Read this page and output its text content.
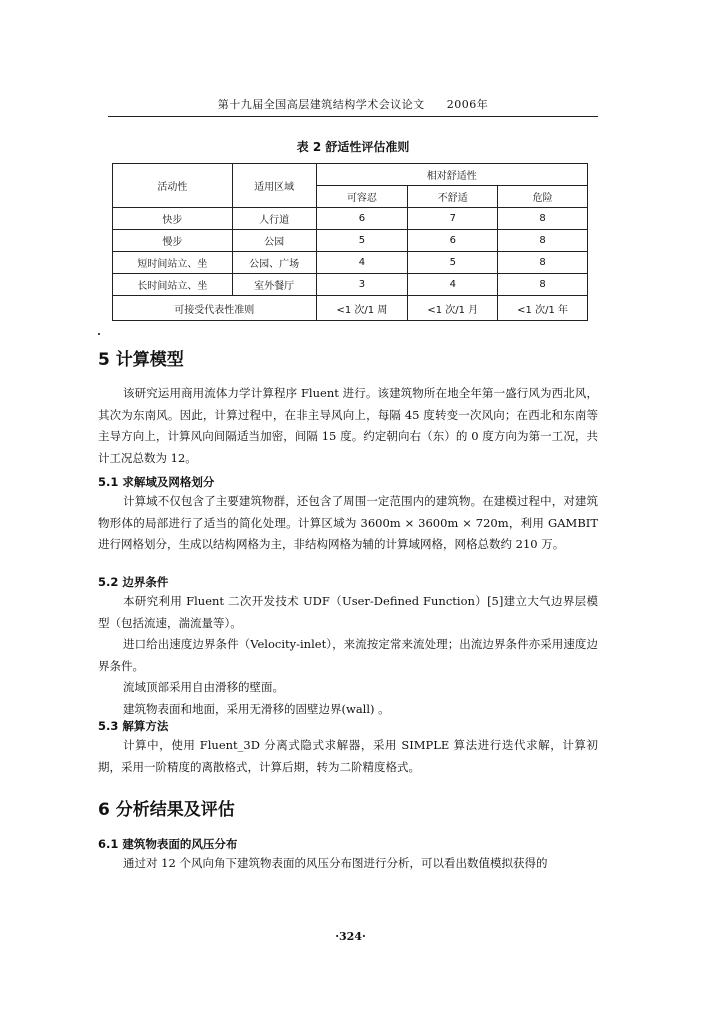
第十九届全国高层建筑结构学术会议论文 2006年
表 2 舒适性评估准则
活动性	适用区域	相对舒适性		
		可容忍	不舒适	危险
快步	人行道	6	7	8
慢步	公园	5	6	8
短时间站立、坐	公园、广场	4	5	8
长时间站立、坐	室外餐厅	3	4	8
可接受代表性准则		<1 次/1 周	<1 次/1 月	<1 次/1 年
5 计算模型

该研究运用商用流体力学计算程序 Fluent 进行。该建筑物所在地全年第一盛行风为西北风，其次为东南风。因此，计算过程中，在非主导风向上，每隔 45 度转变一次风向；在西北和东南等主导方向上，计算风向间隔适当加密，间隔 15 度。约定朝向右（东）的 0 度方向为第一工况，共计工况总数为 12。

5.1 求解域及网格划分

计算域不仅包含了主要建筑物群，还包含了周围一定范围内的建筑物。在建模过程中，对建筑物形体的局部进行了适当的简化处理。计算区域为 3600m × 3600m × 720m，利用 GAMBIT 进行网格划分，生成以结构网格为主，非结构网格为辅的计算域网格，网格总数约 210 万。

5.2 边界条件

本研究利用 Fluent 二次开发技术 UDF（User-Defined Function）[5]建立大气边界层模型（包括流速，湍流量等）。

进口给出速度边界条件（Velocity-inlet），来流按定常来流处理；出流边界条件亦采用速度边界条件。

流域顶部采用自由滑移的壁面。

建筑物表面和地面，采用无滑移的固壁边界(wall) 。

5.3 解算方法

计算中，使用 Fluent_3D 分离式隐式求解器，采用 SIMPLE 算法进行迭代求解，计算初期，采用一阶精度的离散格式，计算后期，转为二阶精度格式。

6 分析结果及评估
6.1 建筑物表面的风压分布

通过对 12 个风向角下建筑物表面的风压分布图进行分析，可以看出数值模拟获得的

·324·
